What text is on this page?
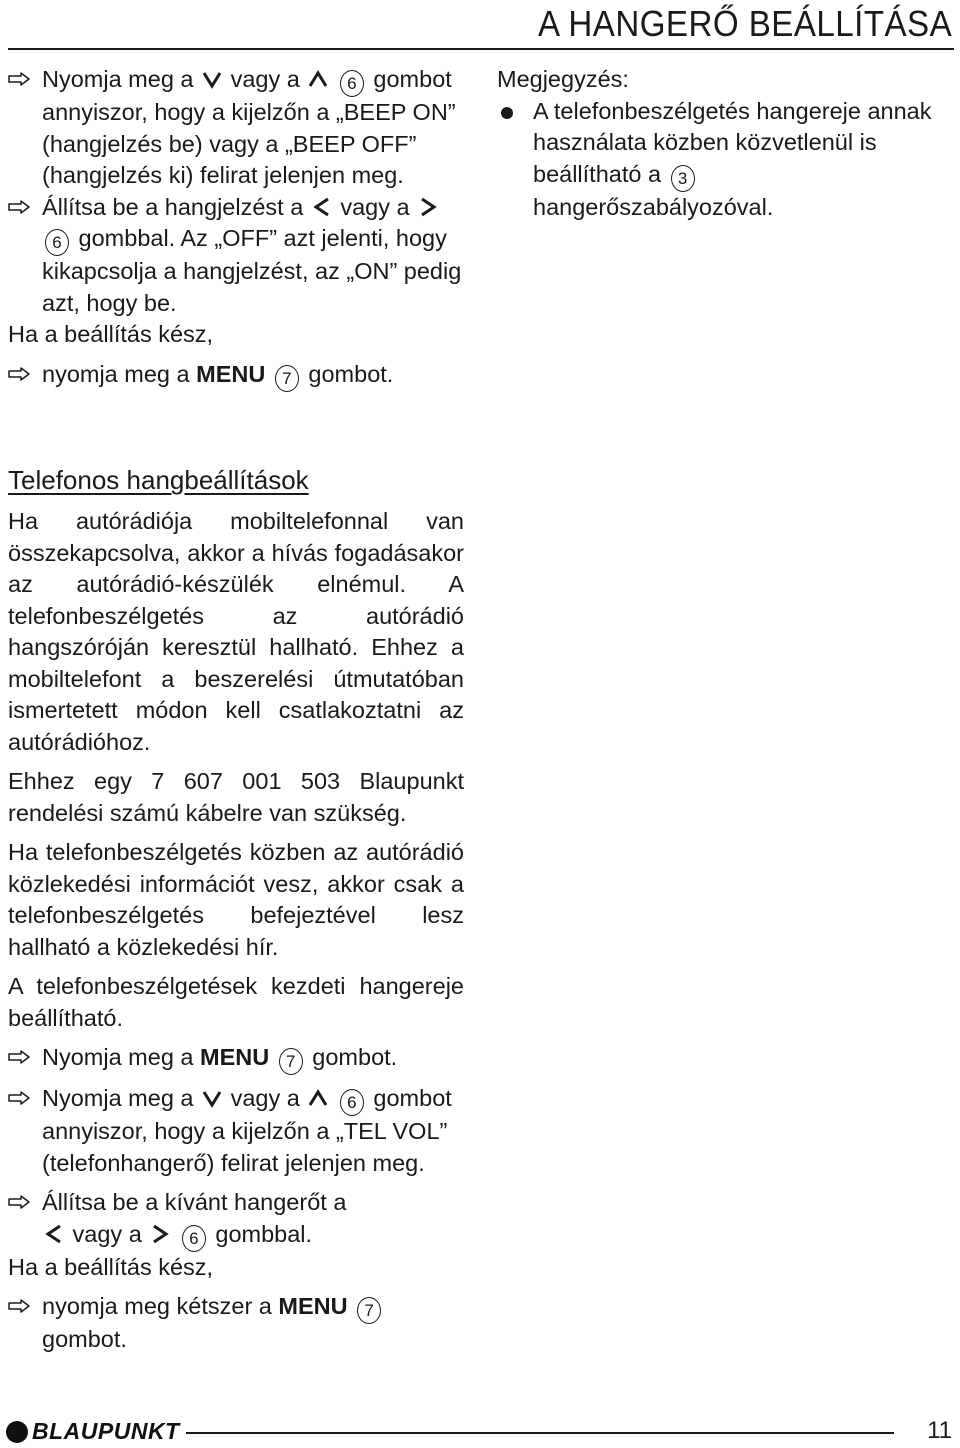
A HANGERŐ BEÁLLÍTÁSA
Nyomja meg a vagy a	6 gombot annyiszor, hogy a kijelzőn a „BEEP ON” (hangjelzés be) vagy a „BEEP OFF” (hangjelzés ki) felirat jelenjen meg.
Állítsa be a hangjelzést a vagy a  6 gombbal. Az „OFF” azt jelenti, hogy kikapcsolja a hangjelzést, az „ON” pedig azt, hogy be.

Ha a beállítás kész,

nyomja meg a MENU 7 gombot.
Telefonos hangbeállítások

Ha autórádiója mobiltelefonnal van összekapcsolva, akkor a hívás fogadásakor az autórádió-készülék elnémul. A telefonbeszélgetés az autórádió hangszóróján keresztül hallható. Ehhez a mobiltelefont a beszerelési útmutatóban ismertetett módon kell csatlakoztatni az autórádióhoz.

Ehhez egy 7 607 001 503 Blaupunkt rendelési számú kábelre van szükség.

Ha telefonbeszélgetés közben az autórádió közlekedési információt vesz, akkor csak a telefonbeszélgetés befejeztével lesz hallható a közlekedési hír.

A telefonbeszélgetések kezdeti hangereje beállítható.

Nyomja meg a MENU 7 gombot.
Nyomja meg a vagy a	6 gombot annyiszor, hogy a kijelzőn a „TEL VOL” (telefonhangerő) felirat jelenjen meg.
Állítsa be a kívánt hangerőt a
vagy a	6 gombbal.

Ha a beállítás kész,

nyomja meg kétszer a MENU 7 gombot.
Megjegyzés:
A telefonbeszélgetés hangereje annak használata közben közvetlenül is beállítható a 3 hangerőszabályozóval.
BLAUPUNKT	11
